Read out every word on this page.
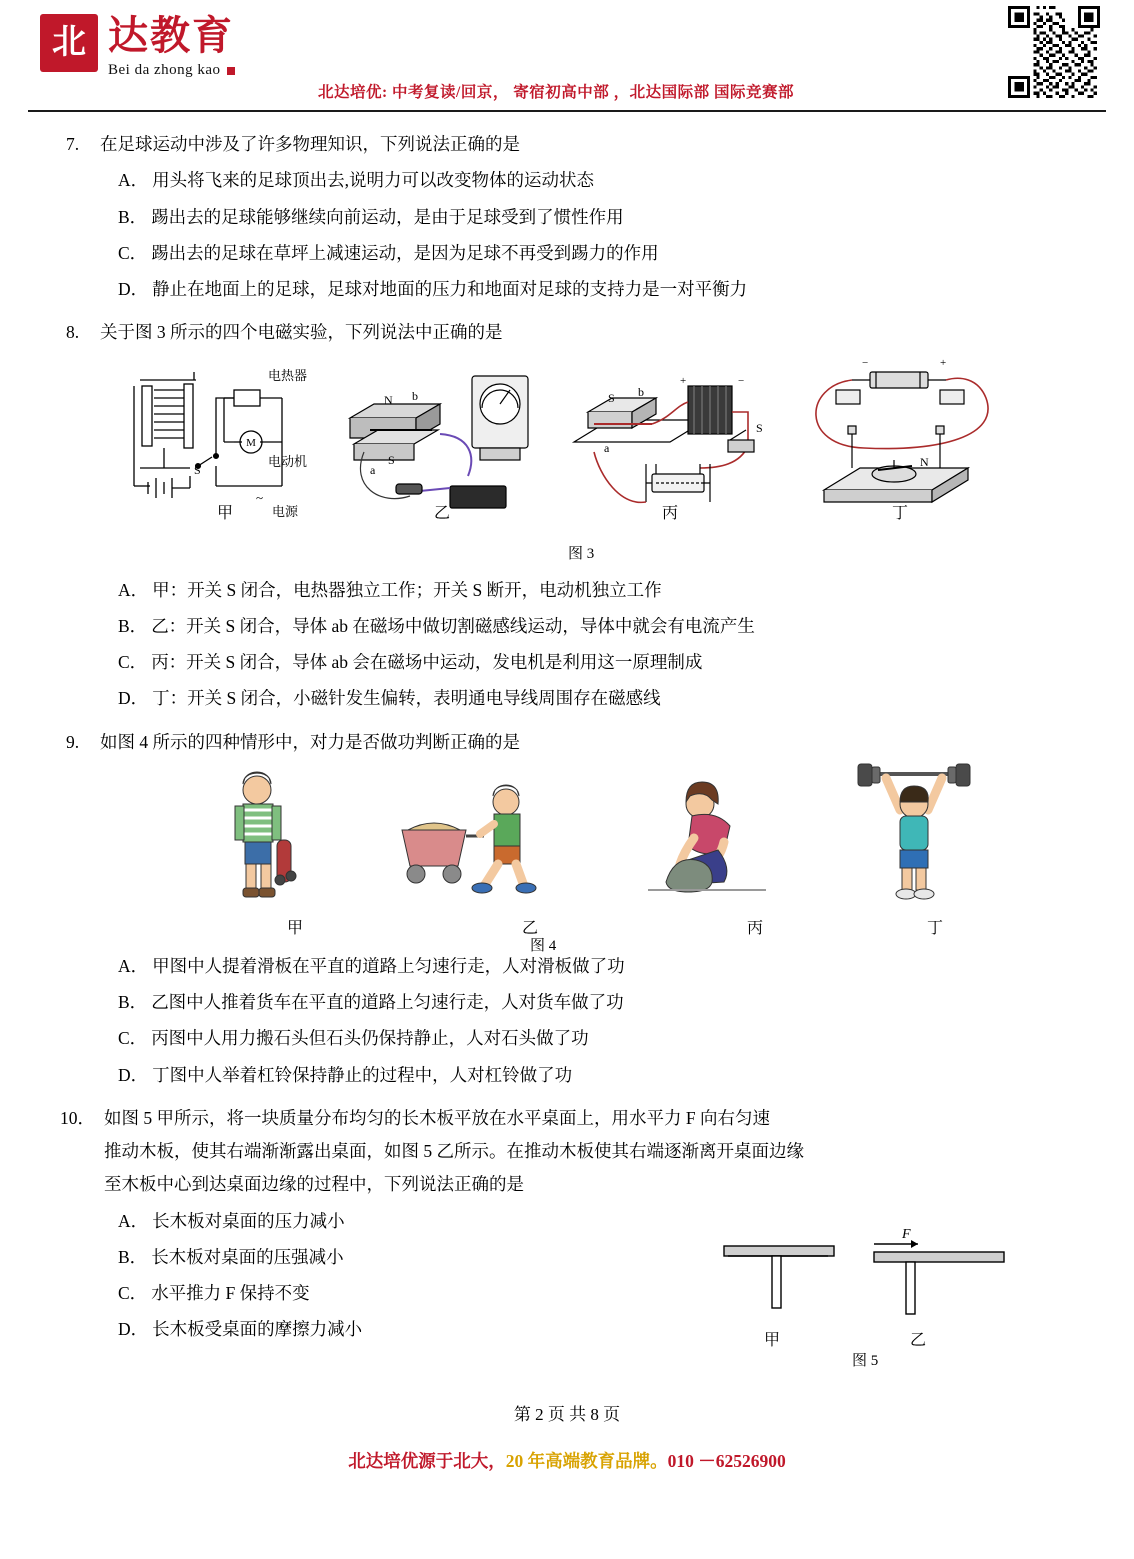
北 达教育
Bei da zhong kao
北达培优: 中考复读/回京， 寄宿初高中部 ，北达国际部 国际竞赛部
7.	在足球运动中涉及了许多物理知识，下列说法正确的是
A． 用头将飞来的足球顶出去,说明力可以改变物体的运动状态
B． 踢出去的足球能够继续向前运动，是由于足球受到了惯性作用
C． 踢出去的足球在草坪上减速运动，是因为足球不再受到踢力的作用
D． 静止在地面上的足球，足球对地面的压力和地面对足球的支持力是一对平衡力
8.	关于图 3 所示的四个电磁实验，下列说法中正确的是
M
电热器
电动机
电源
S
~
甲
N b
a
S
乙
图 3
+	−
S b
a
S
丙
−	+
N
丁
A． 甲：开关 S 闭合，电热器独立工作；开关 S 断开，电动机独立工作
B． 乙：开关 S 闭合，导体 ab 在磁场中做切割磁感线运动，导体中就会有电流产生
C． 丙：开关 S 闭合，导体 ab 会在磁场中运动，发电机是利用这一原理制成
D． 丁：开关 S 闭合，小磁针发生偏转，表明通电导线周围存在磁感线
9.	如图 4 所示的四种情形中，对力是否做功判断正确的是
甲	乙
图 4
丙	丁
A． 甲图中人提着滑板在平直的道路上匀速行走，人对滑板做了功
B． 乙图中人推着货车在平直的道路上匀速行走，人对货车做了功
C． 丙图中人用力搬石头但石头仍保持静止，人对石头做了功
D． 丁图中人举着杠铃保持静止的过程中，人对杠铃做了功
10． 如图 5 甲所示，将一块质量分布均匀的长木板平放在水平桌面上，用水平力 F 向右匀速
推动木板，使其右端渐渐露出桌面，如图 5 乙所示。在推动木板使其右端逐渐离开桌面边缘
至木板中心到达桌面边缘的过程中，下列说法正确的是
A． 长木板对桌面的压力减小
B． 长木板对桌面的压强减小
C． 水平推力 F 保持不变
D． 长木板受桌面的摩擦力减小
F
甲	乙
图 5
第 2 页 共 8 页
北达培优源于北大，20 年高端教育品牌。010 －62526900
